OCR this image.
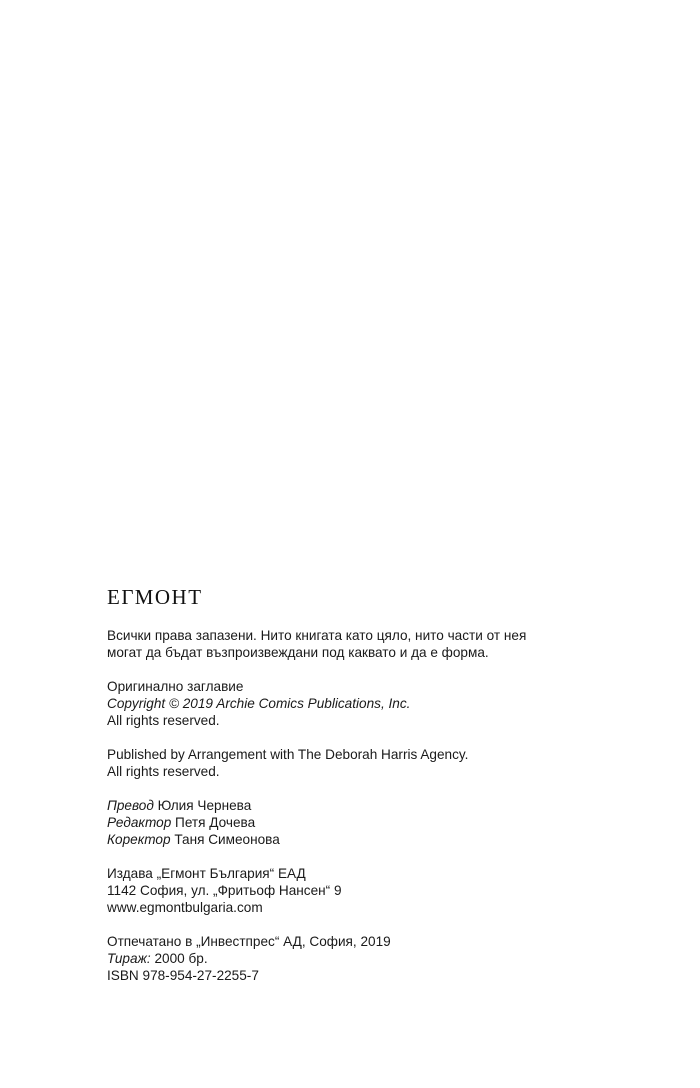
ЕГМОНТ
Всички права запазени. Нито книгата като цяло, нито части от нея
могат да бъдат възпроизвеждани под каквато и да е форма.
Оригинално заглавие
Copyright © 2019 Archie Comics Publications, Inc.
All rights reserved.
Published by Arrangement with The Deborah Harris Agency.
All rights reserved.
Превод Юлия Чернева
Редактор Петя Дочева
Коректор Таня Симеонова
Издава „Егмонт България“ ЕАД
1142 София, ул. „Фритьоф Нансен“ 9
www.egmontbulgaria.com
Отпечатано в „Инвестпрес“ АД, София, 2019
Тираж: 2000 бр.
ISBN 978-954-27-2255-7
